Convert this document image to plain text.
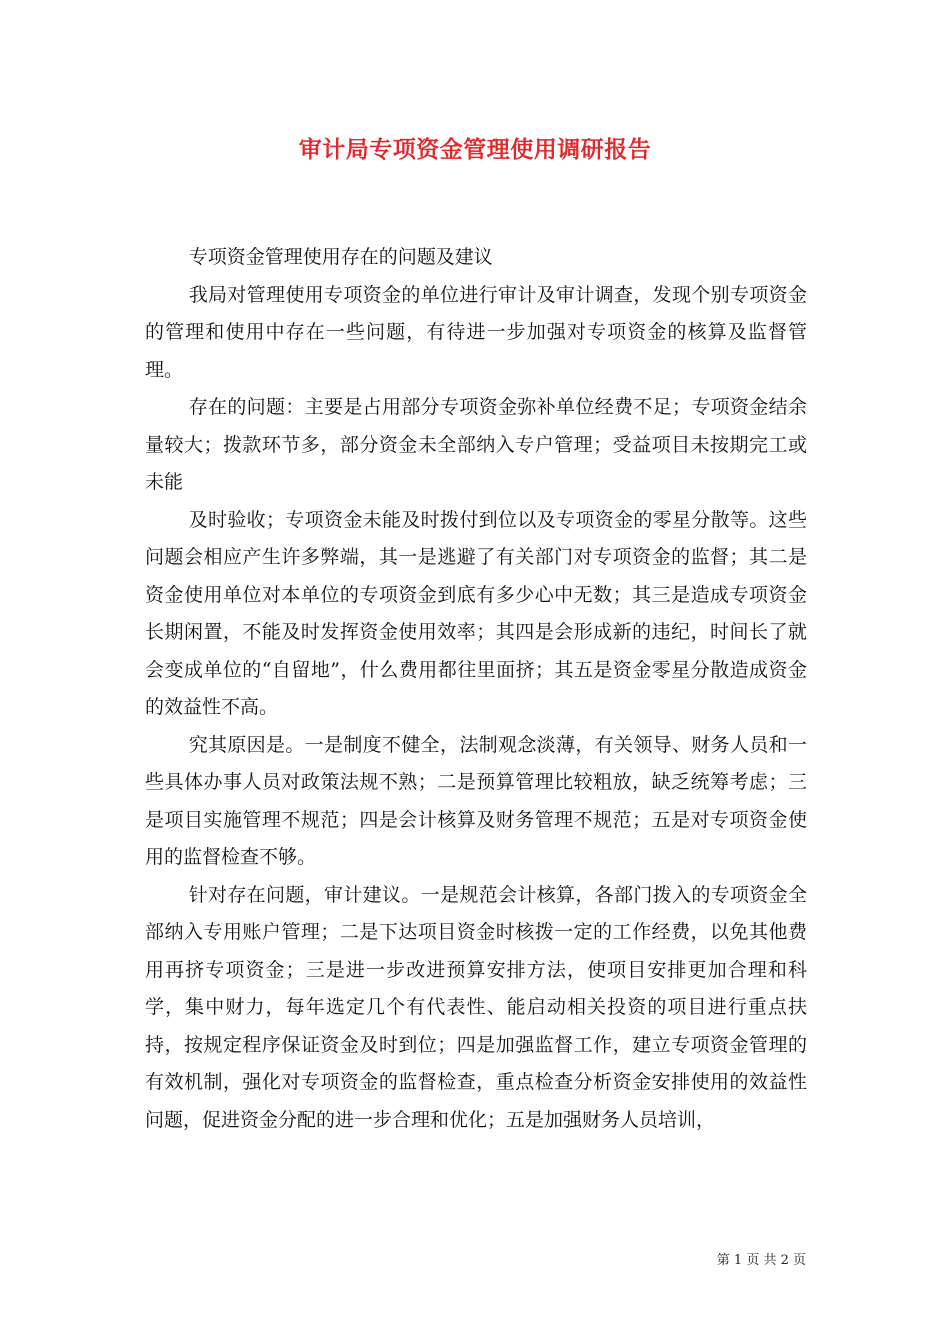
审计局专项资金管理使用调研报告

专项资金管理使用存在的问题及建议

我局对管理使用专项资金的单位进行审计及审计调查，发现个别专项资金的管理和使用中存在一些问题，有待进一步加强对专项资金的核算及监督管理。

存在的问题：主要是占用部分专项资金弥补单位经费不足；专项资金结余量较大；拨款环节多，部分资金未全部纳入专户管理；受益项目未按期完工或未能

及时验收；专项资金未能及时拨付到位以及专项资金的零星分散等。这些问题会相应产生许多弊端，其一是逃避了有关部门对专项资金的监督；其二是资金使用单位对本单位的专项资金到底有多少心中无数；其三是造成专项资金长期闲置，不能及时发挥资金使用效率；其四是会形成新的违纪，时间长了就会变成单位的“自留地”，什么费用都往里面挤；其五是资金零星分散造成资金的效益性不高。

究其原因是。一是制度不健全，法制观念淡薄，有关领导、财务人员和一些具体办事人员对政策法规不熟；二是预算管理比较粗放，缺乏统筹考虑；三是项目实施管理不规范；四是会计核算及财务管理不规范；五是对专项资金使用的监督检查不够。

针对存在问题，审计建议。一是规范会计核算，各部门拨入的专项资金全部纳入专用账户管理；二是下达项目资金时核拨一定的工作经费，以免其他费用再挤专项资金；三是进一步改进预算安排方法，使项目安排更加合理和科学，集中财力，每年选定几个有代表性、能启动相关投资的项目进行重点扶持，按规定程序保证资金及时到位；四是加强监督工作，建立专项资金管理的有效机制，强化对专项资金的监督检查，重点检查分析资金安排使用的效益性问题，促进资金分配的进一步合理和优化；五是加强财务人员培训，

第 1 页 共 2 页
